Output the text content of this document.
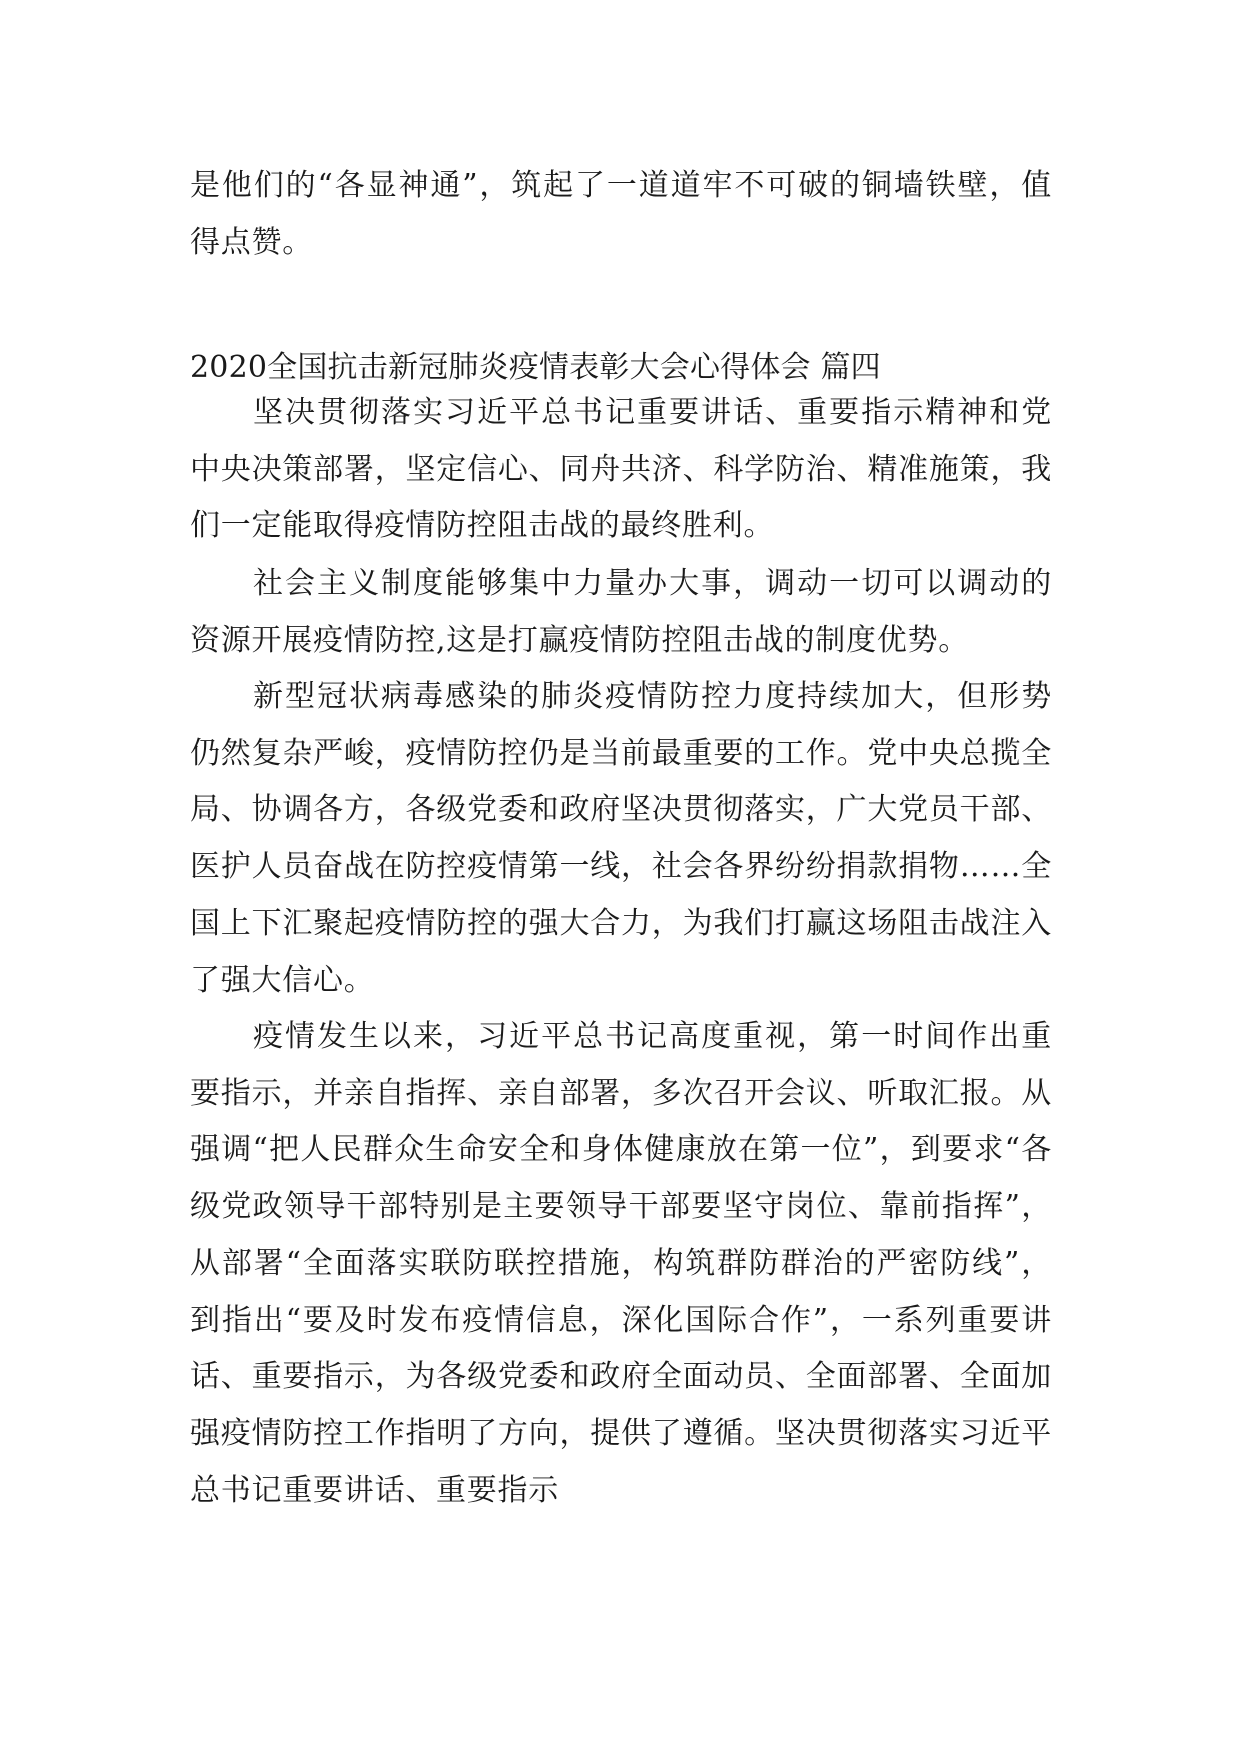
是他们的“各显神通”，筑起了一道道牢不可破的铜墙铁壁，值得点赞。
2020全国抗击新冠肺炎疫情表彰大会心得体会 篇四
坚决贯彻落实习近平总书记重要讲话、重要指示精神和党中央决策部署，坚定信心、同舟共济、科学防治、精准施策，我们一定能取得疫情防控阻击战的最终胜利。
社会主义制度能够集中力量办大事，调动一切可以调动的资源开展疫情防控,这是打赢疫情防控阻击战的制度优势。
新型冠状病毒感染的肺炎疫情防控力度持续加大，但形势仍然复杂严峻，疫情防控仍是当前最重要的工作。党中央总揽全局、协调各方，各级党委和政府坚决贯彻落实，广大党员干部、医护人员奋战在防控疫情第一线，社会各界纷纷捐款捐物……全国上下汇聚起疫情防控的强大合力，为我们打赢这场阻击战注入了强大信心。
疫情发生以来，习近平总书记高度重视，第一时间作出重要指示，并亲自指挥、亲自部署，多次召开会议、听取汇报。从强调“把人民群众生命安全和身体健康放在第一位”，到要求“各级党政领导干部特别是主要领导干部要坚守岗位、靠前指挥”，从部署“全面落实联防联控措施，构筑群防群治的严密防线”，到指出“要及时发布疫情信息，深化国际合作”，一系列重要讲话、重要指示，为各级党委和政府全面动员、全面部署、全面加强疫情防控工作指明了方向，提供了遵循。坚决贯彻落实习近平总书记重要讲话、重要指示
